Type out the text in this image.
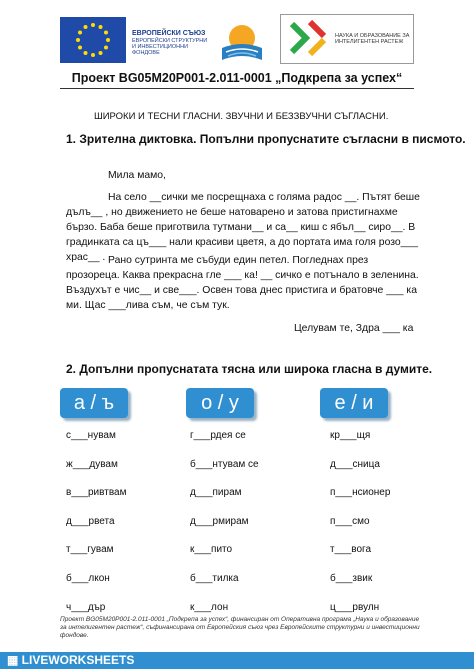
ЕВРОПЕЙСКИ СЪЮЗ
ЕВРОПЕЙСКИ СТРУКТУРНИ И ИНВЕСТИЦИОННИ ФОНДОВЕ
НАУКА И ОБРАЗОВАНИЕ ЗА ИНТЕЛИГЕНТЕН РАСТЕЖ
Проект BG05M20P001-2.011-0001 „Подкрепа за успех“
ШИРОКИ И ТЕСНИ ГЛАСНИ. ЗВУЧНИ И БЕЗЗВУЧНИ СЪГЛАСНИ.
1. Зрителна диктовка. Попълни пропуснатите съгласни в писмото.
Мила мамо,
На село __сички ме посрещнаха с голяма радос __. Пътят беше дълъ__ , но движението не беше натоварено и затова пристигнахме бързо. Баба беше приготвила тутмани__ и са__ киш с ябъл__ сиро__. В градинката са цъ___ нали красиви цветя, а до портата има голя розо___ храс__ . Рано сутринта ме събуди един петел. Погледнах през прозореца. Каква прекрасна гле ___ ка! __ сичко е потънало в зеленина. Въздухът е чис__ и све___. Освен това днес пристига и братовче ___ ка ми. Щас ___лива съм, че съм тук.
Целувам те, Здра ___ ка
2. Допълни пропуснатата тясна или широка гласна в думите.
а / ъ	о / у	е / и
с___нувам
ж___дувам
в___ривтвам
д___рвета
т___гувам
б___лкон
ч___дър
г___рдея се
б___нтувам се
д___пирам
д___рмирам
к___пито
б___тилка
к___лон
кр___щя
д___сница
п___нсионер
п___смо
т___вога
б___звик
ц___рвулн
Проект BG05M20P001-2.011-0001 „Подкрепа за успех“, финансиран от Оперативна програма „Наука и образование за интелигентен растеж“, съфинансирана от Европейския съюз чрез Европейските структурни и инвестиционни фондове.
▦ LIVEWORKSHEETS
